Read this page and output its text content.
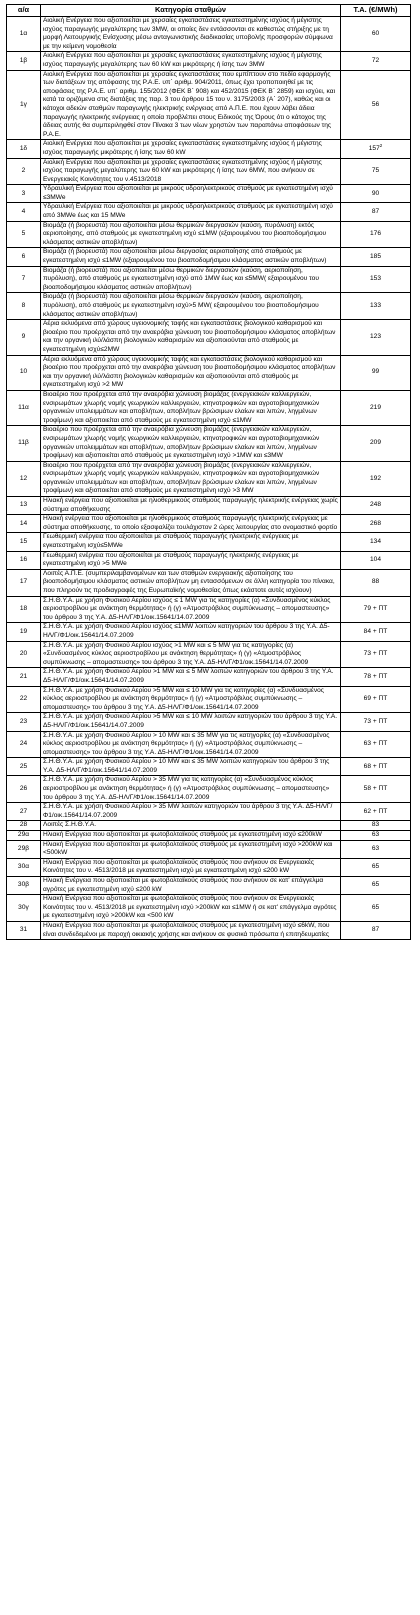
α/α	Κατηγορία σταθμών	T.A. (€/MWh)
1α	Αιολική Ενέργεια που αξιοποιείται με χερσαίες εγκαταστάσεις εγκατεστημένης ισχύος ή μέγιστης ισχύος παραγωγής μεγαλύτερης των 3MW, οι οποίες δεν εντάσσονται σε καθεστώς στήριξης με τη μορφή Λειτουργικής Ενίσχυσης μέσω ανταγωνιστικής διαδικασίας υποβολής προσφορών σύμφωνα με την κείμενη νομοθεσία	60
1β	Αιολική Ενέργεια που αξιοποιείται με χερσαίες εγκαταστάσεις εγκατεστημένης ισχύος ή μέγιστης ισχύος παραγωγής μεγαλύτερης των 60 kW και μικρότερης ή ίσης των 3MW	72
1γ	Αιολική Ενέργεια που αξιοποιείται με χερσαίες εγκαταστάσεις που εμπίπτουν στο πεδίο εφαρμογής των διατάξεων της απόφασης της Ρ.Α.Ε. υπ΄ αριθμ. 904/2011, όπως έχει τροποποιηθεί με τις αποφάσεις της Ρ.Α.Ε. υπ΄ αριθμ. 155/2012 (ΦΕΚ Β΄ 908) και 452/2015 (ΦΕΚ Β΄ 2859) και ισχύει, και κατά τα οριζόμενα στις διατάξεις της παρ. 3 του άρθρου 15 του ν. 3175/2003 (Α΄ 207), καθώς και οι κάτοχοι αδειών σταθμών παραγωγής ηλεκτρικής ενέργειας από Α.Π.Ε. που έχουν λάβει άδεια παραγωγής ηλεκτρικής ενέργειας η οποία προβλέπει στους Ειδικούς της Όρους ότι ο κάτοχος της άδειας αυτής θα συμπεριληφθεί στον Πίνακα 3 των νέων χρηστών των παραπάνω αποφάσεων της Ρ.Α.Ε.	56
1δ	Αιολική Ενέργεια που αξιοποιείται με χερσαίες εγκαταστάσεις εγκατεστημένης ισχύος ή μέγιστης ισχύος παραγωγής μικρότερης ή ίσης των 60 kW	$157^2$
2	Αιολική Ενέργεια που αξιοποιείται με χερσαίες εγκαταστάσεις εγκατεστημένης ισχύος ή μέγιστης ισχύος παραγωγής μεγαλύτερης των 60 kW και μικρότερης ή ίσης των 6MW, που ανήκουν σε Ενεργειακές Κοινότητες του ν.4513/2018	75
3	Υδραυλική Ενέργεια που αξιοποιείται με μικρούς υδροηλεκτρικούς σταθμούς με εγκατεστημένη ισχύ ≤3MWe	90
4	Υδραυλική Ενέργεια που αξιοποιείται με μικρούς υδροηλεκτρικούς σταθμούς με εγκατεστημένη ισχύ από 3MWe έως και 15 MWe	87
5	Βιομάζα (ή βιορευστά) που αξιοποιείται μέσω θερμικών διεργασιών (καύση, πυρόλυση) εκτός αεριοποίησης, από σταθμούς με εγκατεστημένη ισχύ ≤1MW (εξαιρουμένου του βιοαποδομήσιμου κλάσματος αστικών αποβλήτων)	176
6	Βιομάζα (ή βιορευστά) που αξιοποιείται μέσω διεργασίας αεριοποίησης από σταθμούς με εγκατεστημένη ισχύ ≤1MW (εξαιρουμένου του βιοαποδομήσιμου κλάσματος αστικών αποβλήτων)	185
7	Βιομάζα (ή βιορευστά) που αξιοποιείται μέσω θερμικών διεργασιών (καύση, αεριοποίηση, πυρόλυση), από σταθμούς με εγκατεστημένη ισχύ από 1MW έως και ≤5MW( εξαιρουμένου του βιοαποδομήσιμου κλάσματος αστικών αποβλήτων)	153
8	Βιομάζα (ή βιορευστά) που αξιοποιείται μέσω θερμικών διεργασιών (καύση, αεριοποίηση, πυρόλυση), από σταθμούς με εγκατεστημένη ισχύ>5 MW( εξαιρουμένου του βιοαποδομήσιμου κλάσματος αστικών αποβλήτων)	133
9	Αέρια εκλυόμενα από χώρους υγειονομικής ταφής και εγκαταστάσεις βιολογικού καθαρισμού και βιοαέριο που προέρχεται από την αναερόβια χώνευση του βιοαποδομήσιμου κλάσματος αποβλήτων και την οργανική ιλύ/λάσπη βιολογικών καθαρισμών και αξιοποιούνται από σταθμούς με εγκατεστημένη ισχύ≤2MW	123
10	Αέρια εκλυόμενα από χώρους υγειονομικής ταφής και εγκαταστάσεις βιολογικού καθαρισμού και βιοαέριο που προέρχεται από την αναερόβια χώνευση του βιοαποδομήσιμου κλάσματος αποβλήτων και την οργανική ιλύ/λάσπη βιολογικών καθαρισμών και αξιοποιούνται από σταθμούς με εγκατεστημένη ισχύ >2 MW	99
11α	Βιοαέριο που προέρχεται από την αναερόβια χώνευση βιομάζας (ενεργειακών καλλιεργειών, ενσιρωμάτων χλωρής νομής γεωργικών καλλιεργειών, κτηνοτροφικών και αγροτοβιομηχανικών οργανικών υπολειμμάτων και αποβλήτων, αποβλήτων βρώσιμων ελαίων και λιπών, ληγμένων τροφίμων) και αξιοποιείται από σταθμούς με εγκατεστημένη ισχύ ≤1MW	219
11β	Βιοαέριο που προέρχεται από την αναερόβια χώνευση βιομάζας (ενεργειακών καλλιεργειών, ενσιρωμάτων χλωρής νομής γεωργικών καλλιεργειών, κτηνοτροφικών και αγροτοβιομηχανικών οργανικών υπολειμμάτων και αποβλήτων, αποβλήτων βρώσιμων ελαίων και λιπών, ληγμένων τροφίμων) και αξιοποιείται από σταθμούς με εγκατεστημένη ισχύ >1MW και ≤3MW	209
12	Βιοαέριο που προέρχεται από την αναερόβια χώνευση βιομάζας (ενεργειακών καλλιεργειών, ενσιρωμάτων χλωρής νομής γεωργικών καλλιεργειών, κτηνοτροφικών και αγροτοβιομηχανικών οργανικών υπολειμμάτων και αποβλήτων, αποβλήτων βρώσιμων ελαίων και λιπών, ληγμένων τροφίμων) και αξιοποιείται από σταθμούς με εγκατεστημένη ισχύ >3 MW	192
13	Ηλιακή ενέργεια που αξιοποιείται με ηλιοθερμικούς σταθμούς παραγωγής ηλεκτρικής ενέργειας χωρίς σύστημα αποθήκευσης	248
14	Ηλιακή ενέργεια που αξιοποιείται με ηλιοθερμικούς σταθμούς παραγωγής ηλεκτρικής ενέργειας με σύστημα αποθήκευσης, το οποίο εξασφαλίζει τουλάχιστον 2 ώρες λειτουργίας στο ονομαστικό φορτίο	268
15	Γεωθερμική ενέργεια που αξιοποιείται με σταθμούς παραγωγής ηλεκτρικής ενέργειας με εγκατεστημένη ισχύ≤5MWe	134
16	Γεωθερμική ενέργεια που αξιοποιείται με σταθμούς παραγωγής ηλεκτρικής ενέργειας με εγκατεστημένη ισχύ >5 MWe	104
17	Λοιπές Α.Π.Ε. (συμπεριλαμβανομένων και των σταθμών ενεργειακής αξιοποίησης του βιοαποδομήσιμου κλάσματος αστικών αποβλήτων μη εντασσόμενων σε άλλη κατηγορία του πίνακα, που πληρούν τις προδιαγραφές της Ευρωπαϊκής νομοθεσίας όπως εκάστοτε αυτές ισχύουν)	88
18	Σ.Η.Θ.Υ.Α. με χρήση Φυσικού Αερίου ισχύος ≤ 1 MW για τις κατηγορίες (α) «Συνδυασμένος κύκλος αεριοστροβίλου με ανάκτηση θερμότητας» ή (γ) «Ατμοστρόβιλος συμπύκνωσης – απομαστευσης» του άρθρου 3 της Υ.Α. Δ5-ΗΛ/Γ/Φ1/οικ.15641/14.07.2009	79 + ΠΤ
19	Σ.Η.Θ.Υ.Α. με χρήση Φυσικού Αερίου ισχύος ≤1MW λοιπών κατηγοριών του άρθρου 3 της Υ.Α. Δ5-ΗΛ/Γ/Φ1/οικ.15641/14.07.2009	84 + ΠΤ
20	Σ.Η.Θ.Υ.Α. με χρήση Φυσικού Αερίου ισχύος >1 MW και ≤ 5 MW για τις κατηγορίες (α) «Συνδυασμένος κύκλος αεριοστροβίλου με ανάκτηση θερμότητας» ή (γ) «Ατμοστρόβιλος συμπύκνωσης – απομαστευσης» του άρθρου 3 της Υ.Α. Δ5-ΗΛ/Γ/Φ1/οικ.15641/14.07.2009	73 + ΠΤ
21	Σ.Η.Θ.Υ.Α. με χρήση Φυσικού Αερίου >1 MW και ≤ 5 MW λοιπών κατηγοριών του άρθρου 3 της Υ.Α. Δ5-ΗΛ/Γ/Φ1/οικ.15641/14.07.2009	78 + ΠΤ
22	Σ.Η.Θ.Υ.Α. με χρήση Φυσικού Αερίου >5 MW και ≤ 10 MW για τις κατηγορίες (α) «Συνδυασμένος κύκλος αεριοστροβίλου με ανάκτηση θερμότητας» ή (γ) «Ατμοστρόβιλος συμπύκνωσης – απομαστευσης» του άρθρου 3 της Υ.Α. Δ5-ΗΛ/Γ/Φ1/οικ.15641/14.07.2009	69 + ΠΤ
23	Σ.Η.Θ.Υ.Α. με χρήση Φυσικού Αερίου >5 MW και ≤ 10 MW λοιπών κατηγοριών του άρθρου 3 της Υ.Α. Δ5-ΗΛ/Γ/Φ1/οικ.15641/14.07.2009	73 + ΠΤ
24	Σ.Η.Θ.Υ.Α. με χρήση Φυσικού Αερίου > 10 MW και ≤ 35 MW για τις κατηγορίες (α) «Συνδυασμένος κύκλος αεριοστροβίλου με ανάκτηση θερμότητας» ή (γ) «Ατμοστρόβιλος συμπύκνωσης – απομαστευσης» του άρθρου 3 της Υ.Α. Δ5-ΗΛ/Γ/Φ1/οικ.15641/14.07.2009	63 + ΠΤ
25	Σ.Η.Θ.Υ.Α. με χρήση Φυσικού Αερίου > 10 MW και ≤ 35 MW λοιπών κατηγοριών του άρθρου 3 της Υ.Α. Δ5-ΗΛ/Γ/Φ1/οικ.15641/14.07.2009	68 + ΠΤ
26	Σ.Η.Θ.Υ.Α. με χρήση Φυσικού Αερίου > 35 MW για τις κατηγορίες (α) «Συνδυασμένος κύκλος αεριοστροβίλου με ανάκτηση θερμότητας» ή (γ) «Ατμοστρόβιλος συμπύκνωσης – απομαστευσης» του άρθρου 3 της Υ.Α. Δ5-ΗΛ/Γ/Φ1/οικ.15641/14.07.2009	58 + ΠΤ
27	Σ.Η.Θ.Υ.Α. με χρήση Φυσικού Αερίου > 35 MW λοιπών κατηγοριών του άρθρου 3 της Υ.Α. Δ5-ΗΛ/Γ/Φ1/οικ.15641/14.07.2009	62 + ΠΤ
28	Λοιπές Σ.Η.Θ.Υ.Α.	83
29α	Ηλιακή Ενέργεια που αξιοποιείται με φωτοβολταϊκούς σταθμούς με εγκατεστημένη ισχύ ≤200kW	63
29β	Ηλιακή Ενέργεια που αξιοποιείται με φωτοβολταϊκούς σταθμούς με εγκατεστημένη ισχύ >200kW και <500kW	63
30α	Ηλιακή Ενέργεια που αξιοποιείται με φωτοβολταϊκούς σταθμούς που ανήκουν σε Ενεργειακές Κοινότητες του ν. 4513/2018 με εγκατεστημένη ισχύ με εγκατεστημένη ισχύ ≤200 kW	65
30β	Ηλιακή Ενέργεια που αξιοποιείται με φωτοβολταϊκούς σταθμούς που ανήκουν σε κατ' επάγγελμα αγρότες με εγκατεστημένη ισχύ ≤200 kW	65
30γ	Ηλιακή Ενέργεια που αξιοποιείται με φωτοβολταϊκούς σταθμούς που ανήκουν σε Ενεργειακές Κοινότητες του ν. 4513/2018 με εγκατεστημένη ισχύ >200kW και ≤1MW ή σε κατ' επάγγελμα αγρότες με εγκατεστημένη ισχύ >200kW και <500 kW	65
31	Ηλιακή Ενέργεια που αξιοποιείται με φωτοβολταϊκούς σταθμούς με εγκατεστημένη ισχύ ≤6kW, που είναι συνδεδεμένοι με παροχή οικιακής χρήσης και ανήκουν σε φυσικά πρόσωπα ή επιτηδευματίες	87
